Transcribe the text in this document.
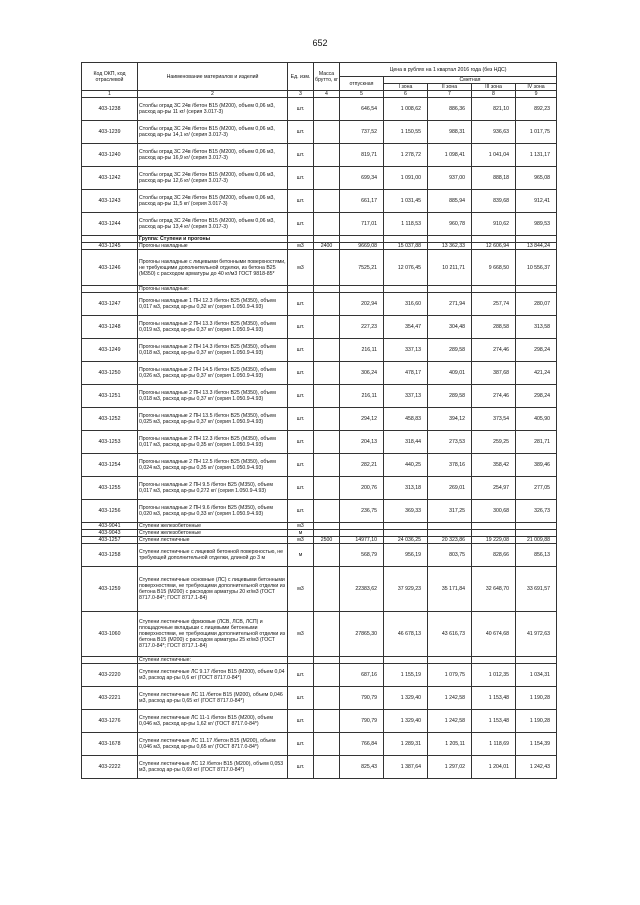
652
Код ОКП, код отраслевой	Наименование материалов и изделий	Ед. изм.	Масса брутто, кг	Цена в рублях на 1 квартал 2016 года (без НДС)				
				отпускная	Сметная			
					I зона	II зона	III зона	IV зона
1	2	3	4	5	6	7	8	9
403-1238	Столбы оград 3С 24в /бетон В15 (М200), объем 0,06 м3, расход ар-ры 11 кг/ (серия 3.017-3)	шт.		646,54	1 008,62	886,36	821,10	892,23
403-1239	Столбы оград 3С 24в /бетон В15 (М200), объем 0,06 м3, расход ар-ры 14,1 кг/ (серия 3.017-3)	шт.		737,52	1 150,55	988,31	936,63	1 017,75
403-1240	Столбы оград 3С 24в /бетон В15 (М200), объем 0,06 м3, расход ар-ры 16,9 кг/ (серия 3.017-3)	шт.		819,71	1 278,72	1 098,41	1 041,04	1 131,17
403-1242	Столбы оград 3С 24в /бетон В15 (М200), объем 0,06 м3, расход ар-ры 12,6 кг/ (серия 3.017-3)	шт.		699,34	1 091,00	937,00	888,18	965,08
403-1243	Столбы оград 3С 24в /бетон В15 (М200), объем 0,06 м3, расход ар-ры 11,5 кг/ (серия 3.017-3)	шт.		661,17	1 031,45	885,94	839,68	912,41
403-1244	Столбы оград 3С 24в /бетон В15 (М200), объем 0,06 м3, расход ар-ры 13,4 кг/ (серия 3.017-3)	шт.		717,01	1 118,53	960,78	910,62	989,53
	Группа: Ступени и прогоны							
403-1245	Прогоны накладные	м3	2400	9669,08	15 037,88	13 362,33	12 606,94	13 844,24
403-1246	Прогоны накладные с лицевыми бетонными поверхностями, не требующими дополнительной отделки, из бетона В25 (М350) с расходом арматуры до 40 кг/м3 ГОСТ 9818-85*	м3		7525,21	12 076,45	10 211,71	9 668,50	10 556,37
	Прогоны накладные:							
403-1247	Прогоны накладные 1 ПН 12.3 /бетон В25 (М350), объем 0,017 м3, расход ар-ры 0,32 кг/ (серия 1.050.9-4.93)	шт.		202,94	316,60	271,94	257,74	280,07
403-1248	Прогоны накладные 2 ПН 13.3 /бетон В25 (М350), объем 0,019 м3, расход ар-ры 0,37 кг/ (серия 1.050.9-4.93)	шт.		227,23	354,47	304,48	288,58	313,58
403-1249	Прогоны накладные 2 ПН 14.3 /бетон В25 (М350), объем 0,018 м3, расход ар-ры 0,37 кг/ (серия 1.050.9-4.93)	шт.		216,11	337,13	289,58	274,46	298,24
403-1250	Прогоны накладные 2 ПН 14.5 /бетон В25 (М350), объем 0,026 м3, расход ар-ры 0,37 кг/ (серия 1.050.9-4.93)	шт.		306,24	478,17	409,01	387,68	421,24
403-1251	Прогоны накладные 2 ПН 13.3 /бетон В25 (М350), объем 0,018 м3, расход ар-ры 0,37 кг/ (серия 1.050.9-4.93)	шт.		216,11	337,13	289,58	274,46	298,24
403-1252	Прогоны накладные 2 ПН 13.5 /бетон В25 (М350), объем 0,025 м3, расход ар-ры 0,37 кг/ (серия 1.050.9-4.93)	шт.		294,12	458,83	394,12	373,54	405,90
403-1253	Прогоны накладные 2 ПН 12.3 /бетон В25 (М350), объем 0,017 м3, расход ар-ры 0,35 кг/ (серия 1.050.9-4.93)	шт.		204,13	318,44	273,53	259,25	281,71
403-1254	Прогоны накладные 2 ПН 12.5 /бетон В25 (М350), объем 0,024 м3, расход ар-ры 0,35 кг/ (серия 1.050.9-4.93)	шт.		282,21	440,25	378,16	358,42	389,46
403-1255	Прогоны накладные 2 ПН 9.5 /бетон В25 (М350), объем 0,017 м3, расход ар-ры 0,272 кг/ (серия 1.050.9-4.93)	шт.		200,76	313,18	269,01	254,97	277,05
403-1256	Прогоны накладные 2 ПН 9.6 /бетон В25 (М350), объем 0,020 м3, расход ар-ры 0,33 кг/ (серия 1.050.9-4.93)	шт.		236,75	369,33	317,25	300,68	326,73
403-9041	Ступени железобетонные	м3						
403-9043	Ступени железобетонные	м						
403-1257	Ступени лестничные	м3	2500	14977,10	24 036,25	20 323,86	19 229,08	21 009,88
403-1258	Ступени лестничные с лицевой бетонной поверхностью, не требующей дополнительной отделки, длиной до 3 м	м		568,79	956,19	803,75	828,66	856,13
403-1259	Ступени лестничные основные (ЛС) с лицевыми бетонными поверхностями, не требующими дополнительной отделки из бетона В15 (М200) с расходом арматуры 20 кг/м3 (ГОСТ 8717.0-84*; ГОСТ 8717.1-84)	м3		22383,62	37 929,23	35 171,84	32 648,70	33 691,57
403-1060	Ступени лестничные фризовые (ЛСВ, ЛСВ, ЛСП) и площадочные вкладыши с лицевыми бетонными поверхностями, не требующими дополнительной отделки из бетона В15 (М200) с расходом арматуры 25 кг/м3 (ГОСТ 8717.0-84*; ГОСТ 8717.1-84)	м3		27865,30	46 678,13	43 616,73	40 674,68	41 972,63
	Ступени лестничные:							
403-2220	Ступени лестничные ЛС 9.17 /бетон В15 (М200), объем 0,04 м3, расход ар-ры 0,6 кг/ (ГОСТ 8717.0-84*)	шт.		687,16	1 155,19	1 079,75	1 012,35	1 034,31
403-2221	Ступени лестничные ЛС 11 /бетон В15 (М200), объем 0,046 м3, расход ар-ры 0,65 кг/ (ГОСТ 8717.0-84*)	шт.		790,79	1 329,40	1 242,58	1 153,48	1 190,28
403-1276	Ступени лестничные ЛС 11-1 /бетон В15 (М200), объем 0,046 м3, расход ар-ры 1,62 кг/ (ГОСТ 8717.0-84*)	шт.		790,79	1 329,40	1 242,58	1 153,48	1 190,28
403-1678	Ступени лестничные ЛС 11.17 /бетон В15 (М200), объем 0,046 м3, расход ар-ры 0,65 кг/ (ГОСТ 8717.0-84*)	шт.		766,84	1 289,31	1 205,11	1 118,69	1 154,39
403-2222	Ступени лестничные ЛС 12 /бетон В15 (М200), объем 0,053 м3, расход ар-ры 0,69 кг/ (ГОСТ 8717.0-84*)	шт.		825,43	1 387,64	1 297,02	1 204,01	1 242,43
